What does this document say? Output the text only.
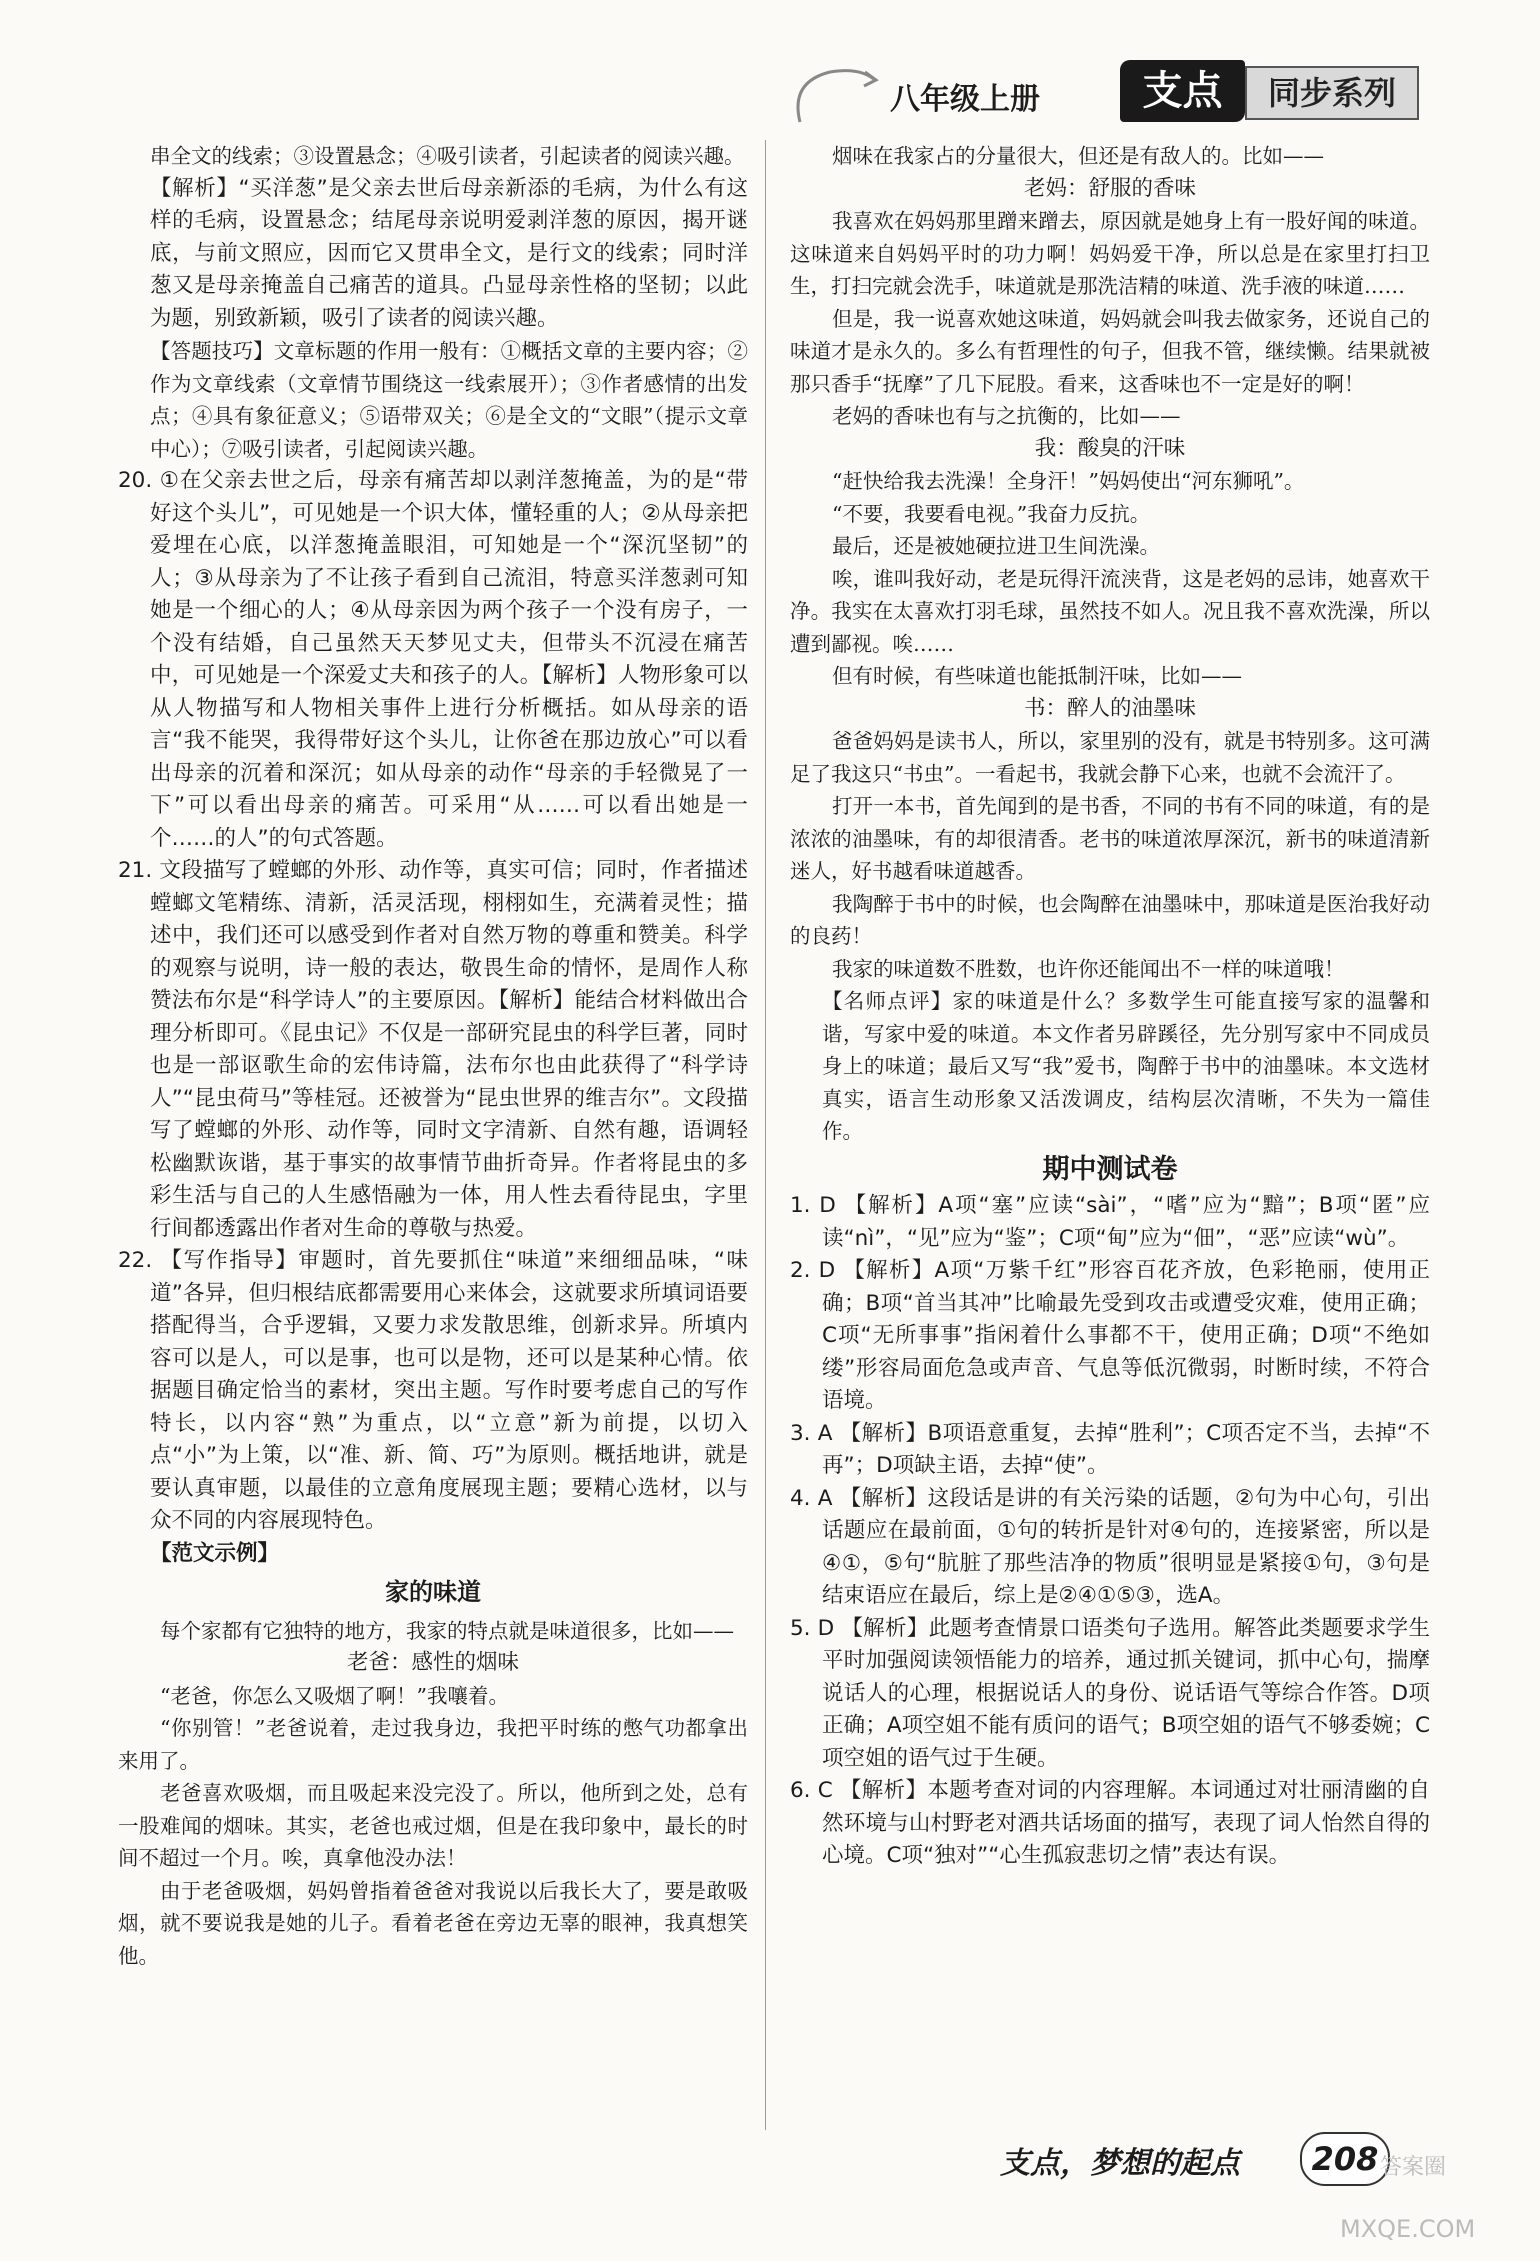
八年级上册	支点	同步系列
串全文的线索；③设置悬念；④吸引读者，引起读者的阅读兴趣。
【解析】“买洋葱”是父亲去世后母亲新添的毛病，为什么有这样的毛病，设置悬念；结尾母亲说明爱剥洋葱的原因，揭开谜底，与前文照应，因而它又贯串全文，是行文的线索；同时洋葱又是母亲掩盖自己痛苦的道具。凸显母亲性格的坚韧；以此为题，别致新颖，吸引了读者的阅读兴趣。
【答题技巧】文章标题的作用一般有：①概括文章的主要内容；②作为文章线索（文章情节围绕这一线索展开）；③作者感情的出发点；④具有象征意义；⑤语带双关；⑥是全文的“文眼”（提示文章中心）；⑦吸引读者，引起阅读兴趣。
20. ①在父亲去世之后，母亲有痛苦却以剥洋葱掩盖，为的是“带好这个头儿”，可见她是一个识大体，懂轻重的人；②从母亲把爱埋在心底，以洋葱掩盖眼泪，可知她是一个“深沉坚韧”的人；③从母亲为了不让孩子看到自己流泪，特意买洋葱剥可知她是一个细心的人；④从母亲因为两个孩子一个没有房子，一个没有结婚，自己虽然天天梦见丈夫，但带头不沉浸在痛苦中，可见她是一个深爱丈夫和孩子的人。【解析】人物形象可以从人物描写和人物相关事件上进行分析概括。如从母亲的语言“我不能哭，我得带好这个头儿，让你爸在那边放心”可以看出母亲的沉着和深沉；如从母亲的动作“母亲的手轻微晃了一下”可以看出母亲的痛苦。可采用“从……可以看出她是一个……的人”的句式答题。
21. 文段描写了螳螂的外形、动作等，真实可信；同时，作者描述螳螂文笔精练、清新，活灵活现，栩栩如生，充满着灵性；描述中，我们还可以感受到作者对自然万物的尊重和赞美。科学的观察与说明，诗一般的表达，敬畏生命的情怀，是周作人称赞法布尔是“科学诗人”的主要原因。【解析】能结合材料做出合理分析即可。《昆虫记》不仅是一部研究昆虫的科学巨著，同时也是一部讴歌生命的宏伟诗篇，法布尔也由此获得了“科学诗人”“昆虫荷马”等桂冠。还被誉为“昆虫世界的维吉尔”。文段描写了螳螂的外形、动作等，同时文字清新、自然有趣，语调轻松幽默诙谐，基于事实的故事情节曲折奇异。作者将昆虫的多彩生活与自己的人生感悟融为一体，用人性去看待昆虫，字里行间都透露出作者对生命的尊敬与热爱。
22. 【写作指导】审题时，首先要抓住“味道”来细细品味，“味道”各异，但归根结底都需要用心来体会，这就要求所填词语要搭配得当，合乎逻辑，又要力求发散思维，创新求异。所填内容可以是人，可以是事，也可以是物，还可以是某种心情。依据题目确定恰当的素材，突出主题。写作时要考虑自己的写作特长，以内容“熟”为重点，以“立意”新为前提，以切入点“小”为上策，以“准、新、简、巧”为原则。概括地讲，就是要认真审题，以最佳的立意角度展现主题；要精心选材，以与众不同的内容展现特色。
【范文示例】
家的味道
每个家都有它独特的地方，我家的特点就是味道很多，比如——
老爸：感性的烟味
“老爸，你怎么又吸烟了啊！”我嚷着。
“你别管！”老爸说着，走过我身边，我把平时练的憋气功都拿出来用了。
老爸喜欢吸烟，而且吸起来没完没了。所以，他所到之处，总有一股难闻的烟味。其实，老爸也戒过烟，但是在我印象中，最长的时间不超过一个月。唉，真拿他没办法！
由于老爸吸烟，妈妈曾指着爸爸对我说以后我长大了，要是敢吸烟，就不要说我是她的儿子。看着老爸在旁边无辜的眼神，我真想笑他。
烟味在我家占的分量很大，但还是有敌人的。比如——
老妈：舒服的香味
我喜欢在妈妈那里蹭来蹭去，原因就是她身上有一股好闻的味道。这味道来自妈妈平时的功力啊！妈妈爱干净，所以总是在家里打扫卫生，打扫完就会洗手，味道就是那洗洁精的味道、洗手液的味道……
但是，我一说喜欢她这味道，妈妈就会叫我去做家务，还说自己的味道才是永久的。多么有哲理性的句子，但我不管，继续懒。结果就被那只香手“抚摩”了几下屁股。看来，这香味也不一定是好的啊！
老妈的香味也有与之抗衡的，比如——
我：酸臭的汗味
“赶快给我去洗澡！全身汗！”妈妈使出“河东狮吼”。
“不要，我要看电视。”我奋力反抗。
最后，还是被她硬拉进卫生间洗澡。
唉，谁叫我好动，老是玩得汗流浃背，这是老妈的忌讳，她喜欢干净。我实在太喜欢打羽毛球，虽然技不如人。况且我不喜欢洗澡，所以遭到鄙视。唉……
但有时候，有些味道也能抵制汗味，比如——
书：醉人的油墨味
爸爸妈妈是读书人，所以，家里别的没有，就是书特别多。这可满足了我这只“书虫”。一看起书，我就会静下心来，也就不会流汗了。
打开一本书，首先闻到的是书香，不同的书有不同的味道，有的是浓浓的油墨味，有的却很清香。老书的味道浓厚深沉，新书的味道清新迷人，好书越看味道越香。
我陶醉于书中的时候，也会陶醉在油墨味中，那味道是医治我好动的良药！
我家的味道数不胜数，也许你还能闻出不一样的味道哦！
【名师点评】家的味道是什么？多数学生可能直接写家的温馨和谐，写家中爱的味道。本文作者另辟蹊径，先分别写家中不同成员身上的味道；最后又写“我”爱书，陶醉于书中的油墨味。本文选材真实，语言生动形象又活泼调皮，结构层次清晰，不失为一篇佳作。
期中测试卷
1. D 【解析】A项“塞”应读“sài”，“嗜”应为“黯”；B项“匿”应读“nì”，“见”应为“鉴”；C项“甸”应为“佃”，“恶”应读“wù”。
2. D 【解析】A项“万紫千红”形容百花齐放，色彩艳丽，使用正确；B项“首当其冲”比喻最先受到攻击或遭受灾难，使用正确；C项“无所事事”指闲着什么事都不干，使用正确；D项“不绝如缕”形容局面危急或声音、气息等低沉微弱，时断时续，不符合语境。
3. A 【解析】B项语意重复，去掉“胜利”；C项否定不当，去掉“不再”；D项缺主语，去掉“使”。
4. A 【解析】这段话是讲的有关污染的话题，②句为中心句，引出话题应在最前面，①句的转折是针对④句的，连接紧密，所以是④①，⑤句“肮脏了那些洁净的物质”很明显是紧接①句，③句是结束语应在最后，综上是②④①⑤③，选A。
5. D 【解析】此题考查情景口语类句子选用。解答此类题要求学生平时加强阅读领悟能力的培养，通过抓关键词，抓中心句，揣摩说话人的心理，根据说话人的身份、说话语气等综合作答。D项正确；A项空姐不能有质问的语气；B项空姐的语气不够委婉；C项空姐的语气过于生硬。
6. C 【解析】本题考查对词的内容理解。本词通过对壮丽清幽的自然环境与山村野老对酒共话场面的描写，表现了词人怡然自得的心境。C项“独对”“心生孤寂悲切之情”表达有误。
支点，梦想的起点	208 答案圈
MXQE.COM
